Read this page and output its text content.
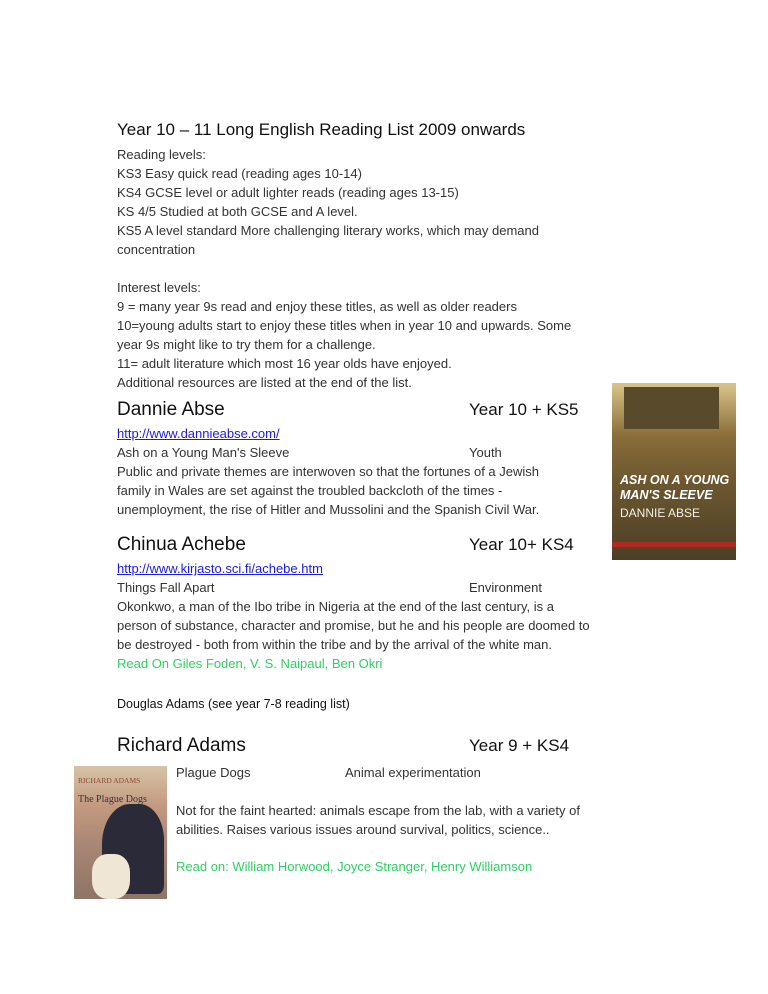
Year 10 – 11 Long English Reading List 2009 onwards
Reading levels:
KS3 Easy quick read (reading ages 10-14)
KS4 GCSE level or adult lighter reads (reading ages 13-15)
KS 4/5 Studied at both GCSE and A level.
KS5 A level standard More challenging literary works, which may demand
concentration
Interest levels:
9 = many year 9s read and enjoy these titles, as well as older readers
10=young adults start to enjoy these titles when in year 10 and upwards. Some
year 9s might like to try them for a challenge.
11= adult literature which most 16 year olds have enjoyed.
Additional resources are listed at the end of the list.
Dannie Abse	Year 10 + KS5
http://www.dannieabse.com/
Ash on a Young Man's Sleeve	Youth
Public and private themes are interwoven so that the fortunes of a Jewish
family in Wales are set against the troubled backcloth of the times -
unemployment, the rise of Hitler and Mussolini and the Spanish Civil War.
ASH ON A YOUNG
MAN'S SLEEVE
DANNIE ABSE
Chinua Achebe	Year 10+ KS4
http://www.kirjasto.sci.fi/achebe.htm
Things Fall Apart	Environment
Okonkwo, a man of the Ibo tribe in Nigeria at the end of the last century, is a
person of substance, character and promise, but he and his people are doomed to
be destroyed - both from within the tribe and by the arrival of the white man.
Read On Giles Foden, V. S. Naipaul, Ben Okri
Douglas Adams (see year 7-8 reading list)
Richard Adams	Year 9 + KS4
Plague Dogs	Animal experimentation
Not for the faint hearted: animals escape from the lab, with a variety of
abilities. Raises various issues around survival, politics, science..
Read on: William Horwood, Joyce Stranger, Henry Williamson
RICHARD ADAMS
The Plague Dogs
